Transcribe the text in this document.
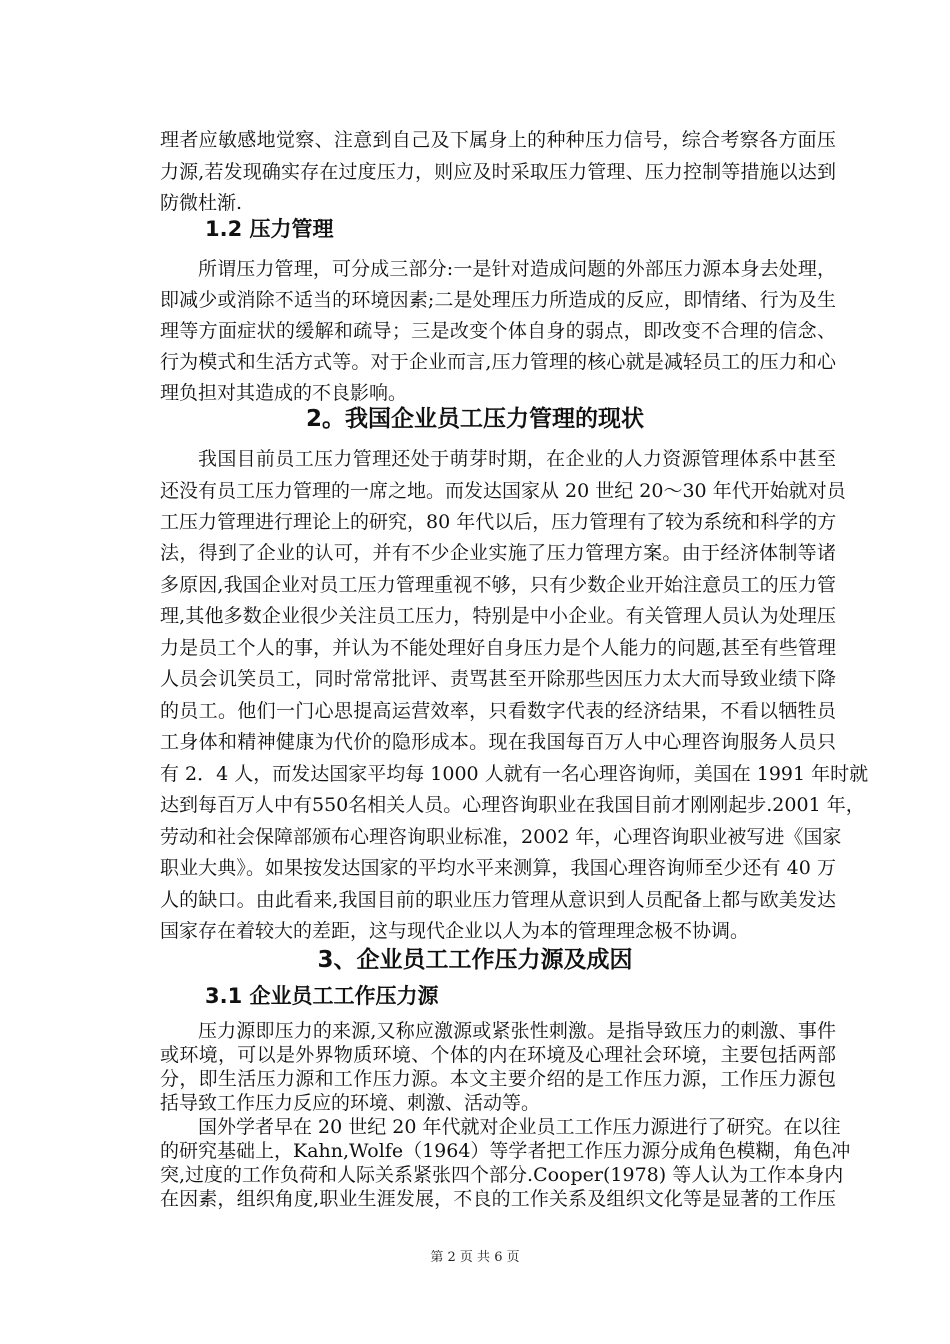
理者应敏感地觉察、注意到自己及下属身上的种种压力信号，综合考察各方面压
力源,若发现确实存在过度压力，则应及时采取压力管理、压力控制等措施以达到
防微杜渐.
1.2 压力管理
所谓压力管理，可分成三部分:一是针对造成问题的外部压力源本身去处理，
即减少或消除不适当的环境因素;二是处理压力所造成的反应，即情绪、行为及生
理等方面症状的缓解和疏导；三是改变个体自身的弱点，即改变不合理的信念、
行为模式和生活方式等。对于企业而言,压力管理的核心就是减轻员工的压力和心
理负担对其造成的不良影响。
2。我国企业员工压力管理的现状
我国目前员工压力管理还处于萌芽时期，在企业的人力资源管理体系中甚至
还没有员工压力管理的一席之地。而发达国家从 20 世纪 20～30 年代开始就对员
工压力管理进行理论上的研究，80 年代以后，压力管理有了较为系统和科学的方
法，得到了企业的认可，并有不少企业实施了压力管理方案。由于经济体制等诸
多原因,我国企业对员工压力管理重视不够，只有少数企业开始注意员工的压力管
理,其他多数企业很少关注员工压力，特别是中小企业。有关管理人员认为处理压
力是员工个人的事，并认为不能处理好自身压力是个人能力的问题,甚至有些管理
人员会讥笑员工，同时常常批评、责骂甚至开除那些因压力太大而导致业绩下降
的员工。他们一门心思提高运营效率，只看数字代表的经济结果，不看以牺牲员
工身体和精神健康为代价的隐形成本。现在我国每百万人中心理咨询服务人员只
有 2．4 人，而发达国家平均每 1000 人就有一名心理咨询师，美国在 1991 年时就
达到每百万人中有550名相关人员。心理咨询职业在我国目前才刚刚起步.2001 年，
劳动和社会保障部颁布心理咨询职业标准，2002 年，心理咨询职业被写进《国家
职业大典》。如果按发达国家的平均水平来测算，我国心理咨询师至少还有 40 万
人的缺口。由此看来,我国目前的职业压力管理从意识到人员配备上都与欧美发达
国家存在着较大的差距，这与现代企业以人为本的管理理念极不协调。
3、企业员工工作压力源及成因
3.1 企业员工工作压力源
压力源即压力的来源,又称应激源或紧张性刺激。是指导致压力的刺激、事件
或环境，可以是外界物质环境、个体的内在环境及心理社会环境，主要包括两部
分，即生活压力源和工作压力源。本文主要介绍的是工作压力源，工作压力源包
括导致工作压力反应的环境、刺激、活动等。
国外学者早在 20 世纪 20 年代就对企业员工工作压力源进行了研究。在以往
的研究基础上，Kahn,Wolfe（1964）等学者把工作压力源分成角色模糊，角色冲
突,过度的工作负荷和人际关系紧张四个部分.Cooper(1978) 等人认为工作本身内
在因素，组织角度,职业生涯发展，不良的工作关系及组织文化等是显著的工作压
第 2 页 共 6 页
